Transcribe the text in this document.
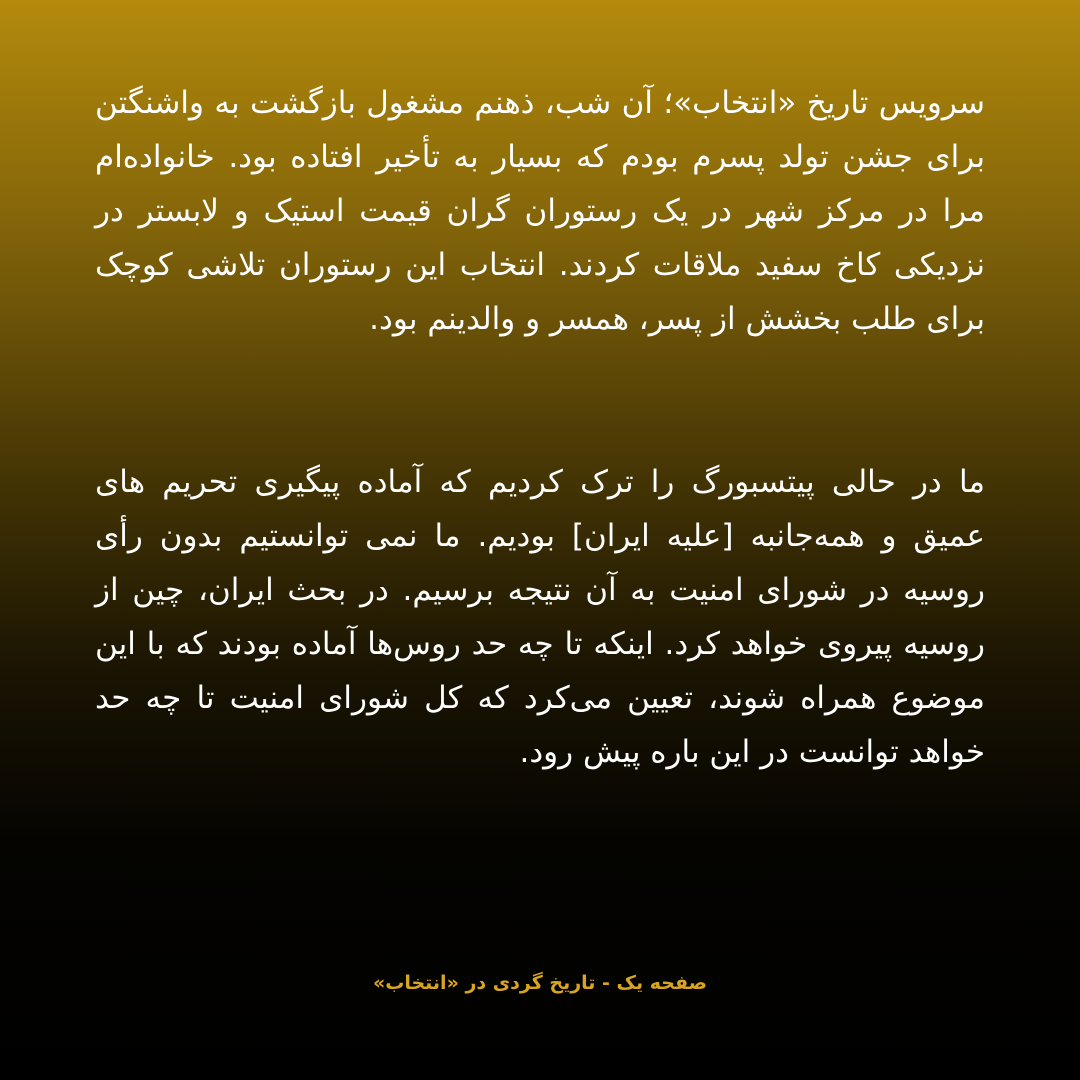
سرویس تاریخ «انتخاب»؛ آن شب، ذهنم مشغول بازگشت به واشنگتن برای جشن تولد پسرم بودم که بسیار به تأخیر افتاده بود. خانواده‌ام مرا در مرکز شهر در یک رستوران گران قیمت استیک و لابستر در نزدیکی کاخ سفید ملاقات کردند. انتخاب این رستوران تلاشی کوچک برای طلب بخشش از پسر، همسر و والدینم بود.

ما در حالی پیتسبورگ را ترک کردیم که آماده پیگیری تحریم های عمیق و همه‌جانبه [علیه ایران] بودیم. ما نمی توانستیم بدون رأی روسیه در شورای امنیت به آن نتیجه برسیم. در بحث ایران، چین از روسیه پیروی خواهد کرد. اینکه تا چه حد روس‌ها آماده بودند که با این موضوع همراه شوند، تعیین می‌کرد که کل شورای امنیت تا چه حد خواهد توانست در این باره پیش رود.

صفحه یک - تاریخ گردی در «انتخاب»
